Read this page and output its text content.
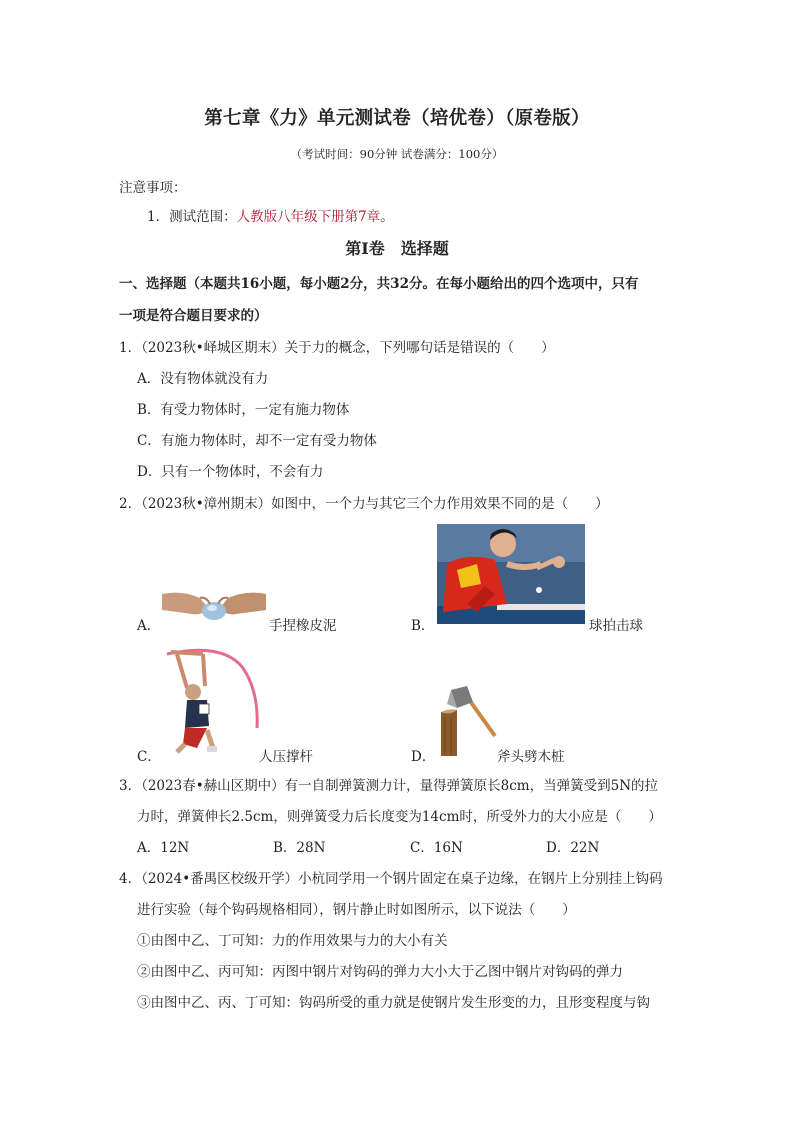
第七章《力》单元测试卷（培优卷）（原卷版）
（考试时间：90分钟 试卷满分：100分）
注意事项：
1．测试范围：人教版八年级下册第7章。
第Ⅰ卷　选择题
一、选择题（本题共16小题，每小题2分，共32分。在每小题给出的四个选项中，只有
一项是符合题目要求的）
1．（2023秋•峄城区期末）关于力的概念，下列哪句话是错误的（　　）
A．没有物体就没有力
B．有受力物体时，一定有施力物体
C．有施力物体时，却不一定有受力物体
D．只有一个物体时，不会有力
2．（2023秋•漳州期末）如图中，一个力与其它三个力作用效果不同的是（　　）
A．	手捏橡皮泥	B．	球拍击球
C．	人压撑杆	D．	斧头劈木桩
3．（2023春•赫山区期中）有一自制弹簧测力计，量得弹簧原长8cm，当弹簧受到5N的拉
力时，弹簧伸长2.5cm，则弹簧受力后长度变为14cm时，所受外力的大小应是（　　）
A．12N	B．28N	C．16N	D．22N
4．（2024•番禺区校级开学）小杭同学用一个钢片固定在桌子边缘，在钢片上分别挂上钩码
进行实验（每个钩码规格相同），钢片静止时如图所示，以下说法（　　）
①由图中乙、丁可知：力的作用效果与力的大小有关
②由图中乙、丙可知：丙图中钢片对钩码的弹力大小大于乙图中钢片对钩码的弹力
③由图中乙、丙、丁可知：钩码所受的重力就是使钢片发生形变的力，且形变程度与钩
